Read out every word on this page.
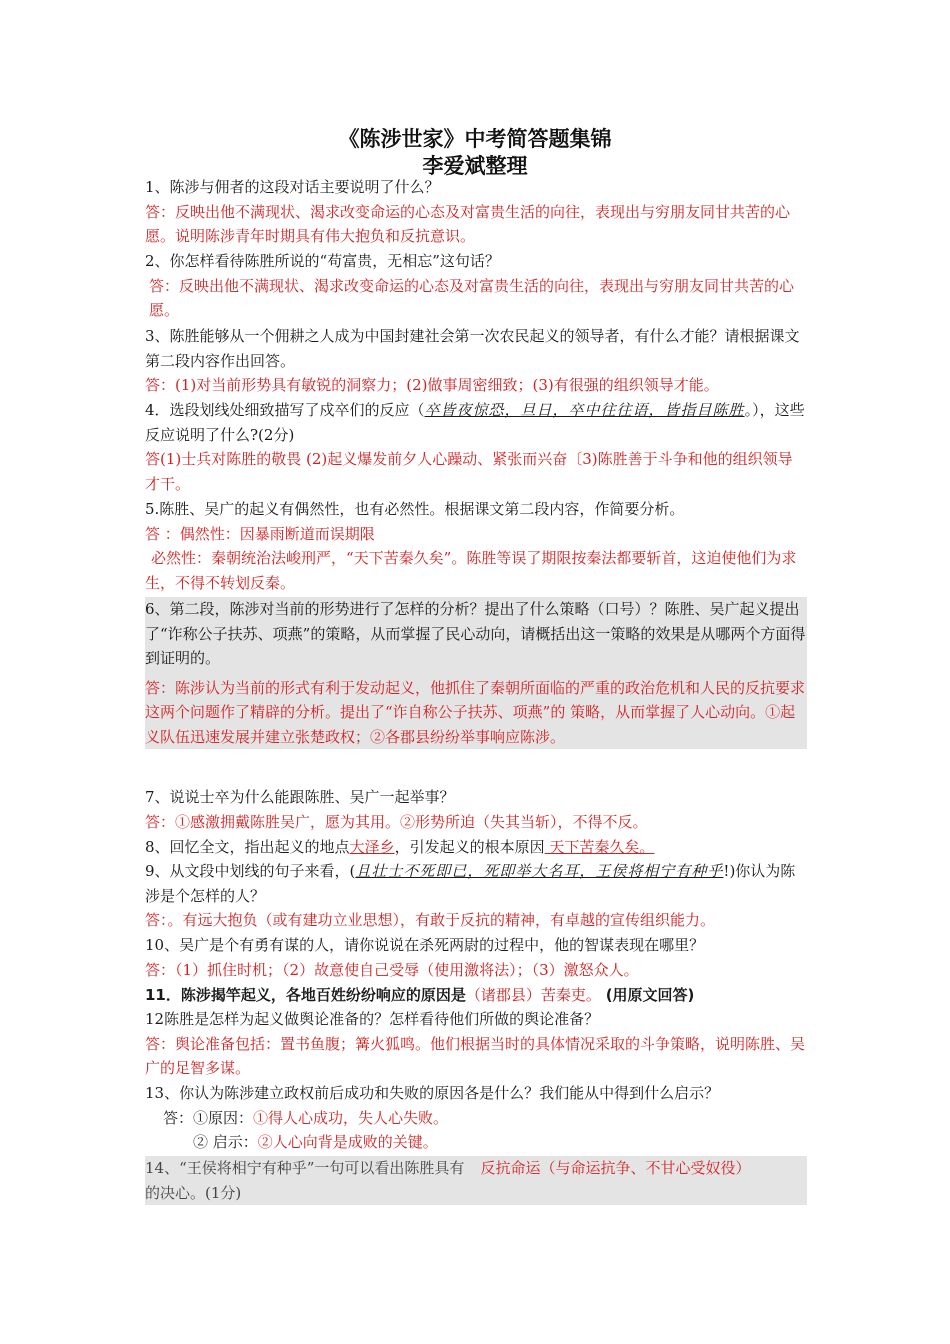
《陈涉世家》中考简答题集锦
李爱斌整理
1、陈涉与佣者的这段对话主要说明了什么？
答：反映出他不满现状、渴求改变命运的心态及对富贵生活的向往，表现出与穷朋友同甘共苦的心愿。说明陈涉青年时期具有伟大抱负和反抗意识。
2、你怎样看待陈胜所说的“苟富贵，无相忘”这句话？
答：反映出他不满现状、渴求改变命运的心态及对富贵生活的向往，表现出与穷朋友同甘共苦的心愿。
3、陈胜能够从一个佣耕之人成为中国封建社会第一次农民起义的领导者，有什么才能？请根据课文第二段内容作出回答。
答：(1)对当前形势具有敏锐的洞察力；(2)做事周密细致；(3)有很强的组织领导才能。
4．选段划线处细致描写了戍卒们的反应（卒皆夜惊恐，旦日，卒中往往语，皆指目陈胜。），这些反应说明了什么?(2分)
答(1)士兵对陈胜的敬畏 (2)起义爆发前夕人心躁动、紧张而兴奋〔3)陈胜善于斗争和他的组织领导才干。
5.陈胜、吴广的起义有偶然性，也有必然性。根据课文第二段内容，作简要分析。
答 ：偶然性：因暴雨断道而误期限
必然性：秦朝统治法峻刑严，“天下苦秦久矣”。陈胜等误了期限按秦法都要斩首，这迫使他们为求生，不得不转划反秦。
6、第二段，陈涉对当前的形势进行了怎样的分析？提出了什么策略（口号）？陈胜、吴广起义提出了“诈称公子扶苏、项燕”的策略，从而掌握了民心动向，请概括出这一策略的效果是从哪两个方面得到证明的。
答：陈涉认为当前的形式有利于发动起义，他抓住了秦朝所面临的严重的政治危机和人民的反抗要求这两个问题作了精辟的分析。提出了“诈自称公子扶苏、项燕”的 策略，从而掌握了人心动向。①起义队伍迅速发展并建立张楚政权；②各郡县纷纷举事响应陈涉。
7、说说士卒为什么能跟陈胜、吴广一起举事？
答：①感激拥戴陈胜吴广，愿为其用。②形势所迫（失其当斩），不得不反。
8、回忆全文，指出起义的地点大泽乡，引发起义的根本原因 天下苦秦久矣。
9、从文段中划线的句子来看，(且壮士不死即已，死即举大名耳，王侯将相宁有种乎!)你认为陈涉是个怎样的人？
答：。有远大抱负（或有建功立业思想），有敢于反抗的精神，有卓越的宣传组织能力。
10、吴广是个有勇有谋的人，请你说说在杀死两尉的过程中，他的智谋表现在哪里？
答：（1）抓住时机；（2）故意使自己受辱（使用激将法）；（3）激怒众人。
11．陈涉揭竿起义，各地百姓纷纷响应的原因是（诸郡县）苦秦吏。 (用原文回答)
12陈胜是怎样为起义做舆论准备的？怎样看待他们所做的舆论准备？
答：舆论准备包括：置书鱼腹；篝火狐鸣。他们根据当时的具体情况采取的斗争策略，说明陈胜、吴广的足智多谋。
13、你认为陈涉建立政权前后成功和失败的原因各是什么？我们能从中得到什么启示？
答：①原因：①得人心成功，失人心失败。
② 启示：②人心向背是成败的关键。
14、“王侯将相宁有种乎”一句可以看出陈胜具有 反抗命运（与命运抗争、不甘心受奴役）
的决心。(1分)
